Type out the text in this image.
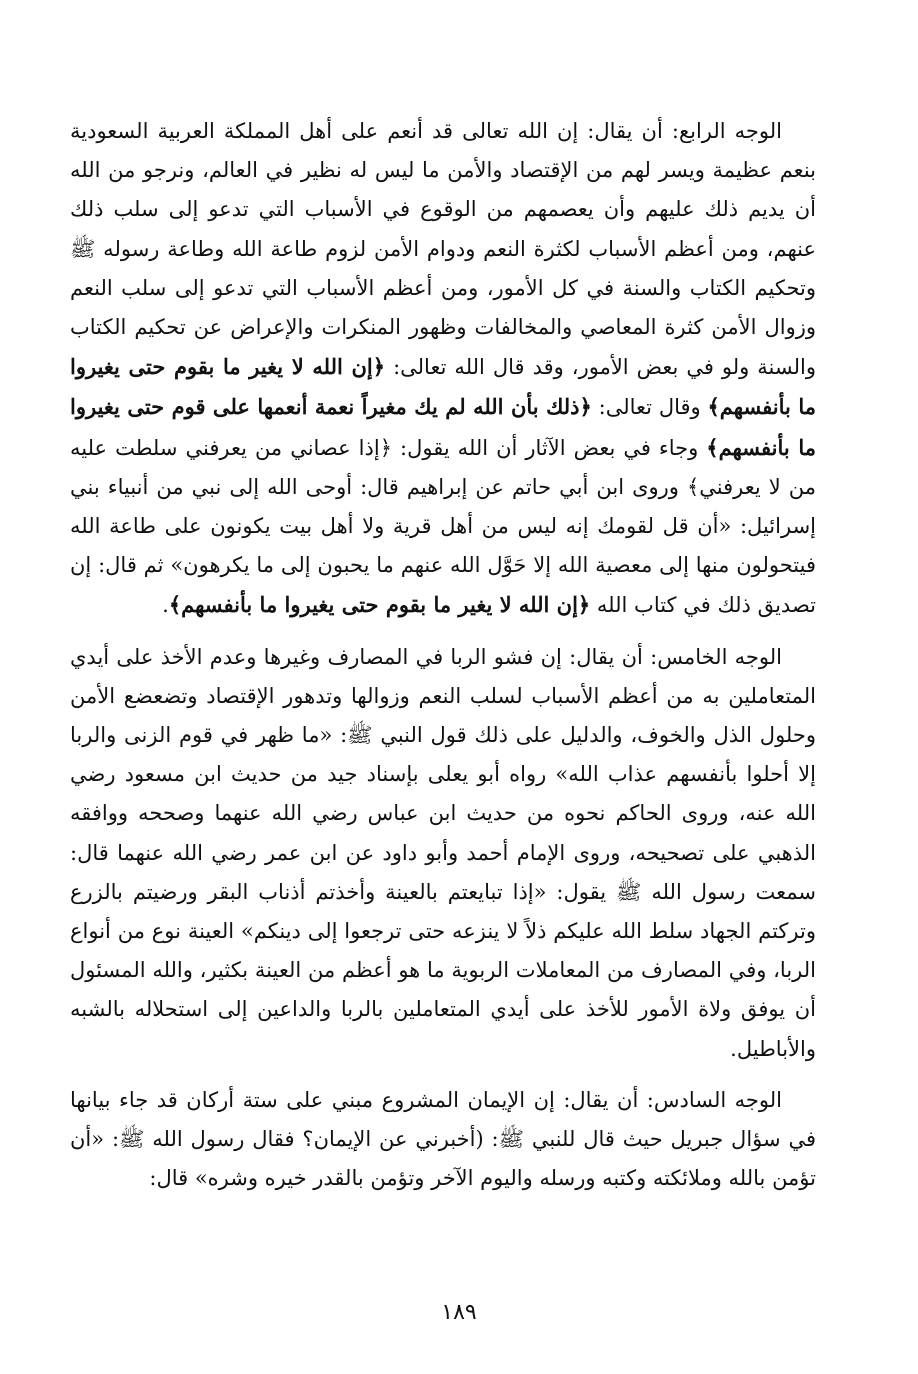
الوجه الرابع: أن يقال: إن الله تعالى قد أنعم على أهل المملكة العربية السعودية بنعم عظيمة ويسر لهم من الإقتصاد والأمن ما ليس له نظير في العالم، ونرجو من الله أن يديم ذلك عليهم وأن يعصمهم من الوقوع في الأسباب التي تدعو إلى سلب ذلك عنهم، ومن أعظم الأسباب لكثرة النعم ودوام الأمن لزوم طاعة الله وطاعة رسوله ﷺ وتحكيم الكتاب والسنة في كل الأمور، ومن أعظم الأسباب التي تدعو إلى سلب النعم وزوال الأمن كثرة المعاصي والمخالفات وظهور المنكرات والإعراض عن تحكيم الكتاب والسنة ولو في بعض الأمور، وقد قال الله تعالى: ﴿إن الله لا يغير ما بقوم حتى يغيروا ما بأنفسهم﴾ وقال تعالى: ﴿ذلك بأن الله لم يك مغيراً نعمة أنعمها على قوم حتى يغيروا ما بأنفسهم﴾ وجاء في بعض الآثار أن الله يقول: ﴿إذا عصاني من يعرفني سلطت عليه من لا يعرفني﴾ وروى ابن أبي حاتم عن إبراهيم قال: أوحى الله إلى نبي من أنبياء بني إسرائيل: «أن قل لقومك إنه ليس من أهل قرية ولا أهل بيت يكونون على طاعة الله فيتحولون منها إلى معصية الله إلا حَوَّل الله عنهم ما يحبون إلى ما يكرهون» ثم قال: إن تصديق ذلك في كتاب الله ﴿إن الله لا يغير ما بقوم حتى يغيروا ما بأنفسهم﴾.

الوجه الخامس: أن يقال: إن فشو الربا في المصارف وغيرها وعدم الأخذ على أيدي المتعاملين به من أعظم الأسباب لسلب النعم وزوالها وتدهور الإقتصاد وتضعضع الأمن وحلول الذل والخوف، والدليل على ذلك قول النبي ﷺ: «ما ظهر في قوم الزنى والربا إلا أحلوا بأنفسهم عذاب الله» رواه أبو يعلى بإسناد جيد من حديث ابن مسعود رضي الله عنه، وروى الحاكم نحوه من حديث ابن عباس رضي الله عنهما وصححه ووافقه الذهبي على تصحيحه، وروى الإمام أحمد وأبو داود عن ابن عمر رضي الله عنهما قال: سمعت رسول الله ﷺ يقول: «إذا تبايعتم بالعينة وأخذتم أذناب البقر ورضيتم بالزرع وتركتم الجهاد سلط الله عليكم ذلاً لا ينزعه حتى ترجعوا إلى دينكم» العينة نوع من أنواع الربا، وفي المصارف من المعاملات الربوية ما هو أعظم من العينة بكثير، والله المسئول أن يوفق ولاة الأمور للأخذ على أيدي المتعاملين بالربا والداعين إلى استحلاله بالشبه والأباطيل.

الوجه السادس: أن يقال: إن الإيمان المشروع مبني على ستة أركان قد جاء بيانها في سؤال جبريل حيث قال للنبي ﷺ: (أخبرني عن الإيمان؟ فقال رسول الله ﷺ: «أن تؤمن بالله وملائكته وكتبه ورسله واليوم الآخر وتؤمن بالقدر خيره وشره» قال:

١٨٩
